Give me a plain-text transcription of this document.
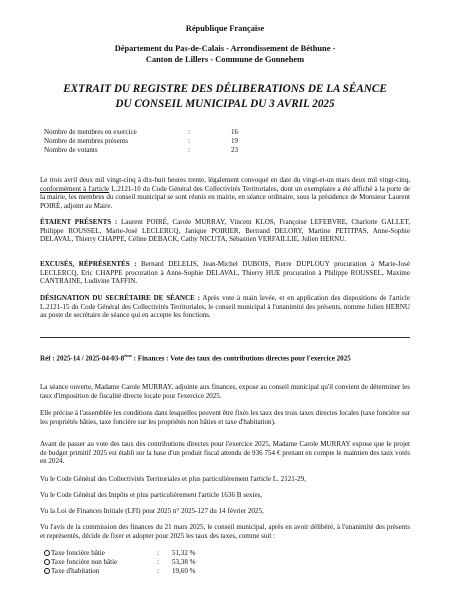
République Française
Département du Pas-de-Calais - Arrondissement de Béthune -
Canton de Lillers - Commune de Gonnehem
EXTRAIT DU REGISTRE DES DÉLIBERATIONS DE LA SÉANCE
DU CONSEIL MUNICIPAL DU 3 AVRIL 2025
Nombre de membres en exercice	:	16
Nombre de membres présents	:	19
Nombre de votants	:	23

Le trois avril deux mil vingt-cinq à dix-huit heures trente, légalement convoqué en date du vingt-et-un mars deux mil vingt-cinq, conformément à l'article L.2121-10 du Code Général des Collectivités Territoriales, dont un exemplaire a été affiché à la porte de la mairie, les membres du conseil municipal se sont réunis en mairie, en séance ordinaire, sous la présidence de Monsieur Laurent POIRÉ, adjoint au Maire.

ÉTAIENT PRÉSENTS : Laurent POIRÉ, Carole MURRAY, Vincent KLOS, Françoise LEFEBVRE, Charlotte GALLET, Philippe ROUSSEL, Marie-José LECLERCQ, Janique POIRIER, Bertrand DELORY, Martine PETITPAS, Anne-Sophie DELAVAL, Thierry CHAPPE, Céline DEBACK, Cathy NICUTA, Sébastien VERFAILLIE, Julien HERNU.

EXCUSÉS, RÉPRÉSENTÉS : Bernard DELELIS, Jean-Michel DUBOIS, Pierre DUPLOUY procuration à Marie-José LECLERCQ, Eric CHAPPE procuration à Anne-Sophie DELAVAL, Thierry HUE procuration à Philippe ROUSSEL, Maxime CANTRAINE, Ludivine TAFFIN.

DÉSIGNATION DU SECRÉTAIRE DE SÉANCE : Après vote à main levée, et en application des dispositions de l'article L.2121-15 du Code Général des Collectivités Territoriales, le conseil municipal à l'unanimité des présents, nomme Julien HERNU au poste de secrétaire de séance qui en accepte les fonctions.

Réf : 2025-14 / 2025-04-03-8ème : Finances : Vote des taux des contributions directes pour l'exercice 2025

La séance ouverte, Madame Carole MURRAY, adjointe aux finances, expose au conseil municipal qu'il convient de déterminer les taux d'imposition de fiscalité directe locale pour l'exercice 2025.

Elle précise à l'assemblée les conditions dans lesquelles peuvent être fixés les taux des trois taxes directes locales (taxe foncière sur les propriétés bâties, taxe foncière sur les propriétés non bâties et taxe d'habitation).

Avant de passer au vote des taux des contributions directes pour l'exercice 2025, Madame Carole MURRAY expose que le projet de budget primitif 2025 est établi sur la base d'un produit fiscal attendu de 936 754 € prenant en compte le maintien des taux votés en 2024.

Vu le Code Général des Collectivités Territoriales et plus particulièrement l'article L. 2121-29,

Vu le Code Général des Impôts et plus particulièrement l'article 1636 B sexies,

Vu la Loi de Finances Initiale (LFI) pour 2025 n° 2025-127 du 14 février 2025,

Vu l'avis de la commission des finances du 21 mars 2025, le conseil municipal, après en avoir délibéré, à l'unanimité des présents et représentés, décide de fixer et adopter pour 2025 les taux des taxes, comme suit :

Taxe foncière bâtie	: 51,32 %
Taxe foncière non bâtie	: 53,38 %
Taxe d'habitation	: 19,60 %
